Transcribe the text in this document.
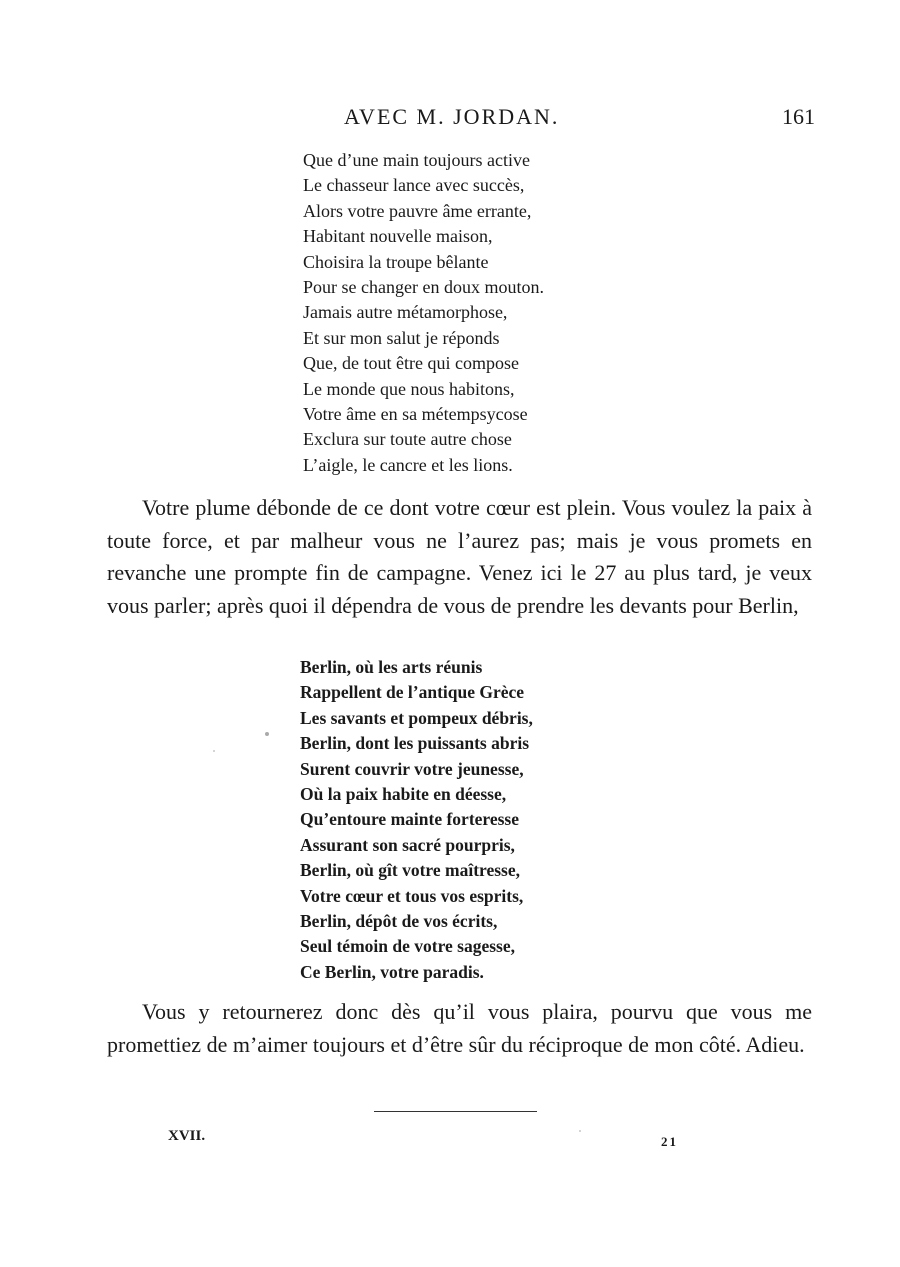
AVEC M. JORDAN.	161
Que d’une main toujours active
Le chasseur lance avec succès,
Alors votre pauvre âme errante,
Habitant nouvelle maison,
Choisira la troupe bêlante
Pour se changer en doux mouton.
Jamais autre métamorphose,
Et sur mon salut je réponds
Que, de tout être qui compose
Le monde que nous habitons,
Votre âme en sa métempsycose
Exclura sur toute autre chose
L’aigle, le cancre et les lions.

Votre plume débonde de ce dont votre cœur est plein. Vous voulez la paix à toute force, et par malheur vous ne l’aurez pas; mais je vous promets en revanche une prompte fin de campagne. Venez ici le 27 au plus tard, je veux vous parler; après quoi il dépendra de vous de prendre les devants pour Berlin,

Berlin, où les arts réunis
Rappellent de l’antique Grèce
Les savants et pompeux débris,
Berlin, dont les puissants abris
Surent couvrir votre jeunesse,
Où la paix habite en déesse,
Qu’entoure mainte forteresse
Assurant son sacré pourpris,
Berlin, où gît votre maîtresse,
Votre cœur et tous vos esprits,
Berlin, dépôt de vos écrits,
Seul témoin de votre sagesse,
Ce Berlin, votre paradis.

Vous y retournerez donc dès qu’il vous plaira, pourvu que vous me promettiez de m’aimer toujours et d’être sûr du réciproque de mon côté. Adieu.

XVII.	21
